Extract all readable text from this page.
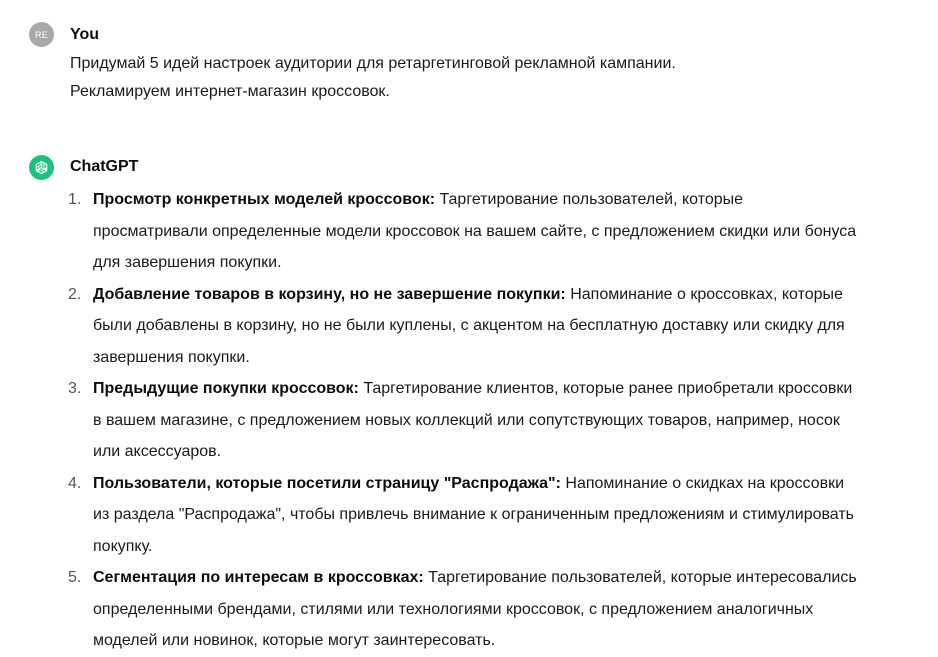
RE You

Придумай 5 идей настроек аудитории для ретаргетинговой рекламной кампании.

Рекламируем интернет-магазин кроссовок.

ChatGPT
1. Просмотр конкретных моделей кроссовок: Таргетирование пользователей, которые просматривали определенные модели кроссовок на вашем сайте, с предложением скидки или бонуса для завершения покупки.
2. Добавление товаров в корзину, но не завершение покупки: Напоминание о кроссовках, которые были добавлены в корзину, но не были куплены, с акцентом на бесплатную доставку или скидку для завершения покупки.
3. Предыдущие покупки кроссовок: Таргетирование клиентов, которые ранее приобретали кроссовки в вашем магазине, с предложением новых коллекций или сопутствующих товаров, например, носок или аксессуаров.
4. Пользователи, которые посетили страницу "Распродажа": Напоминание о скидках на кроссовки из раздела "Распродажа", чтобы привлечь внимание к ограниченным предложениям и стимулировать покупку.
5. Сегментация по интересам в кроссовках: Таргетирование пользователей, которые интересовались определенными брендами, стилями или технологиями кроссовок, с предложением аналогичных моделей или новинок, которые могут заинтересовать.
